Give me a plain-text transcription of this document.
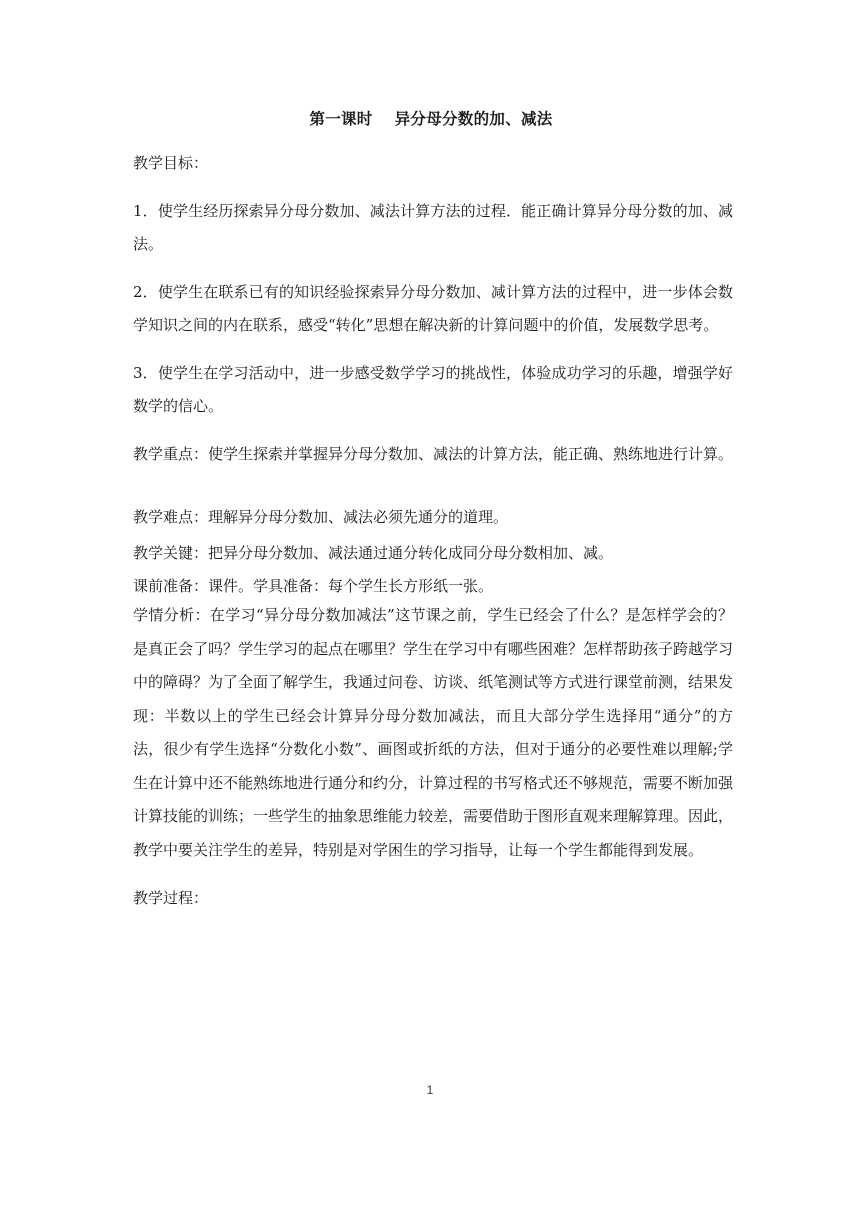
第一课时 异分母分数的加、减法

教学目标：

1．使学生经历探索异分母分数加、减法计算方法的过程．能正确计算异分母分数的加、减法。

2．使学生在联系已有的知识经验探索异分母分数加、减计算方法的过程中，进一步体会数学知识之间的内在联系，感受“转化”思想在解决新的计算问题中的价值，发展数学思考。

3．使学生在学习活动中，进一步感受数学学习的挑战性，体验成功学习的乐趣，增强学好数学的信心。

教学重点：使学生探索并掌握异分母分数加、减法的计算方法，能正确、熟练地进行计算。

教学难点：理解异分母分数加、减法必须先通分的道理。

教学关键：把异分母分数加、减法通过通分转化成同分母分数相加、减。

课前准备：课件。学具准备：每个学生长方形纸一张。

学情分析：在学习“异分母分数加减法”这节课之前，学生已经会了什么？是怎样学会的？是真正会了吗？学生学习的起点在哪里？学生在学习中有哪些困难？怎样帮助孩子跨越学习中的障碍？为了全面了解学生，我通过问卷、访谈、纸笔测试等方式进行课堂前测，结果发现：半数以上的学生已经会计算异分母分数加减法，而且大部分学生选择用“通分”的方法，很少有学生选择“分数化小数”、画图或折纸的方法，但对于通分的必要性难以理解;学生在计算中还不能熟练地进行通分和约分，计算过程的书写格式还不够规范，需要不断加强计算技能的训练；一些学生的抽象思维能力较差，需要借助于图形直观来理解算理。因此，教学中要关注学生的差异，特别是对学困生的学习指导，让每一个学生都能得到发展。

教学过程：

1
